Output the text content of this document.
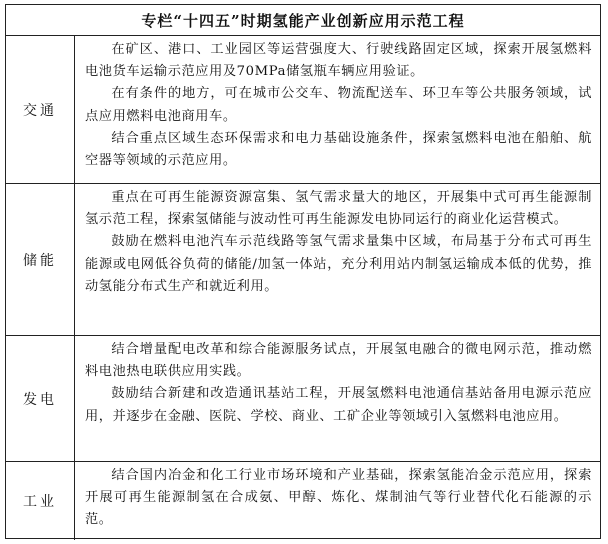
专栏“十四五”时期氢能产业创新应用示范工程
交通

在矿区、港口、工业园区等运营强度大、行驶线路固定区域，探索开展氢燃料电池货车运输示范应用及70MPa储氢瓶车辆应用验证。

在有条件的地方，可在城市公交车、物流配送车、环卫车等公共服务领域，试点应用燃料电池商用车。

结合重点区域生态环保需求和电力基础设施条件，探索氢燃料电池在船舶、航空器等领域的示范应用。

储能

重点在可再生能源资源富集、氢气需求量大的地区，开展集中式可再生能源制氢示范工程，探索氢储能与波动性可再生能源发电协同运行的商业化运营模式。

鼓励在燃料电池汽车示范线路等氢气需求量集中区域，布局基于分布式可再生能源或电网低谷负荷的储能/加氢一体站，充分利用站内制氢运输成本低的优势，推动氢能分布式生产和就近利用。

发电

结合增量配电改革和综合能源服务试点，开展氢电融合的微电网示范，推动燃料电池热电联供应用实践。

鼓励结合新建和改造通讯基站工程，开展氢燃料电池通信基站备用电源示范应用，并逐步在金融、医院、学校、商业、工矿企业等领域引入氢燃料电池应用。

工业

结合国内冶金和化工行业市场环境和产业基础，探索氢能冶金示范应用，探索开展可再生能源制氢在合成氨、甲醇、炼化、煤制油气等行业替代化石能源的示范。
